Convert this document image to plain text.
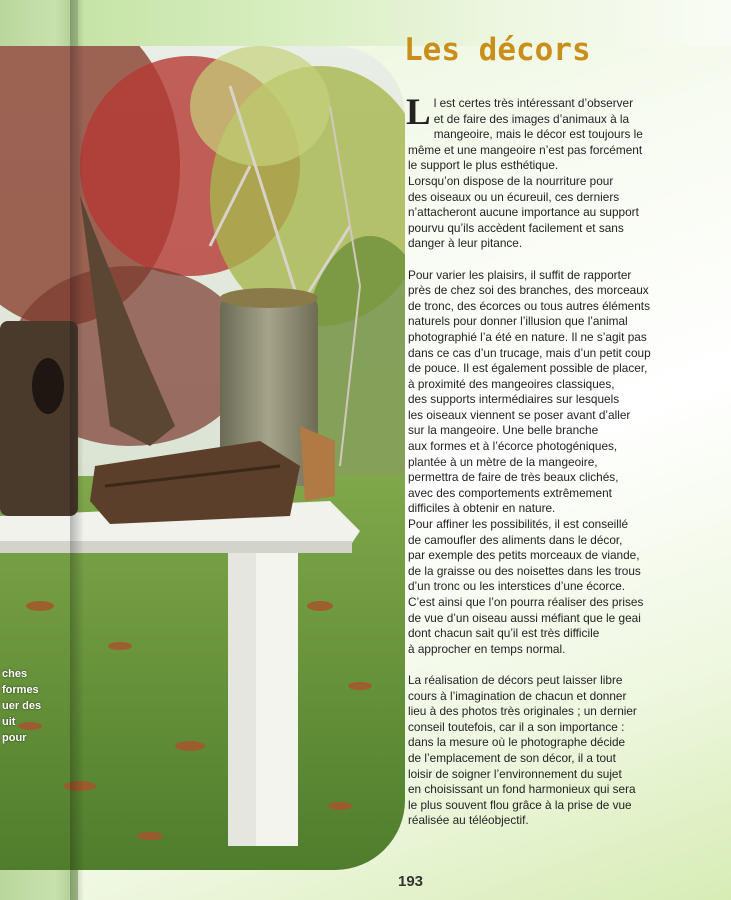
ches
formes
uer des
uit
pour
Les décors

L l est certes très intéressant d’observer
et de faire des images d’animaux à la
mangeoire, mais le décor est toujours le
même et une mangeoire n’est pas forcément
le support le plus esthétique.
Lorsqu’on dispose de la nourriture pour
des oiseaux ou un écureuil, ces derniers
n’attacheront aucune importance au support
pourvu qu’ils accèdent facilement et sans
danger à leur pitance.

Pour varier les plaisirs, il suffit de rapporter
près de chez soi des branches, des morceaux
de tronc, des écorces ou tous autres éléments
naturels pour donner l’illusion que l’animal
photographié l’a été en nature. Il ne s’agit pas
dans ce cas d’un trucage, mais d’un petit coup
de pouce. Il est également possible de placer,
à proximité des mangeoires classiques,
des supports intermédiaires sur lesquels
les oiseaux viennent se poser avant d’aller
sur la mangeoire. Une belle branche
aux formes et à l’écorce photogéniques,
plantée à un mètre de la mangeoire,
permettra de faire de très beaux clichés,
avec des comportements extrêmement
difficiles à obtenir en nature.
Pour affiner les possibilités, il est conseillé
de camoufler des aliments dans le décor,
par exemple des petits morceaux de viande,
de la graisse ou des noisettes dans les trous
d’un tronc ou les interstices d’une écorce.
C’est ainsi que l’on pourra réaliser des prises
de vue d’un oiseau aussi méfiant que le geai
dont chacun sait qu’il est très difficile
à approcher en temps normal.

La réalisation de décors peut laisser libre
cours à l’imagination de chacun et donner
lieu à des photos très originales ; un dernier
conseil toutefois, car il a son importance :
dans la mesure où le photographe décide
de l’emplacement de son décor, il a tout
loisir de soigner l’environnement du sujet
en choisissant un fond harmonieux qui sera
le plus souvent flou grâce à la prise de vue
réalisée au téléobjectif.

193
